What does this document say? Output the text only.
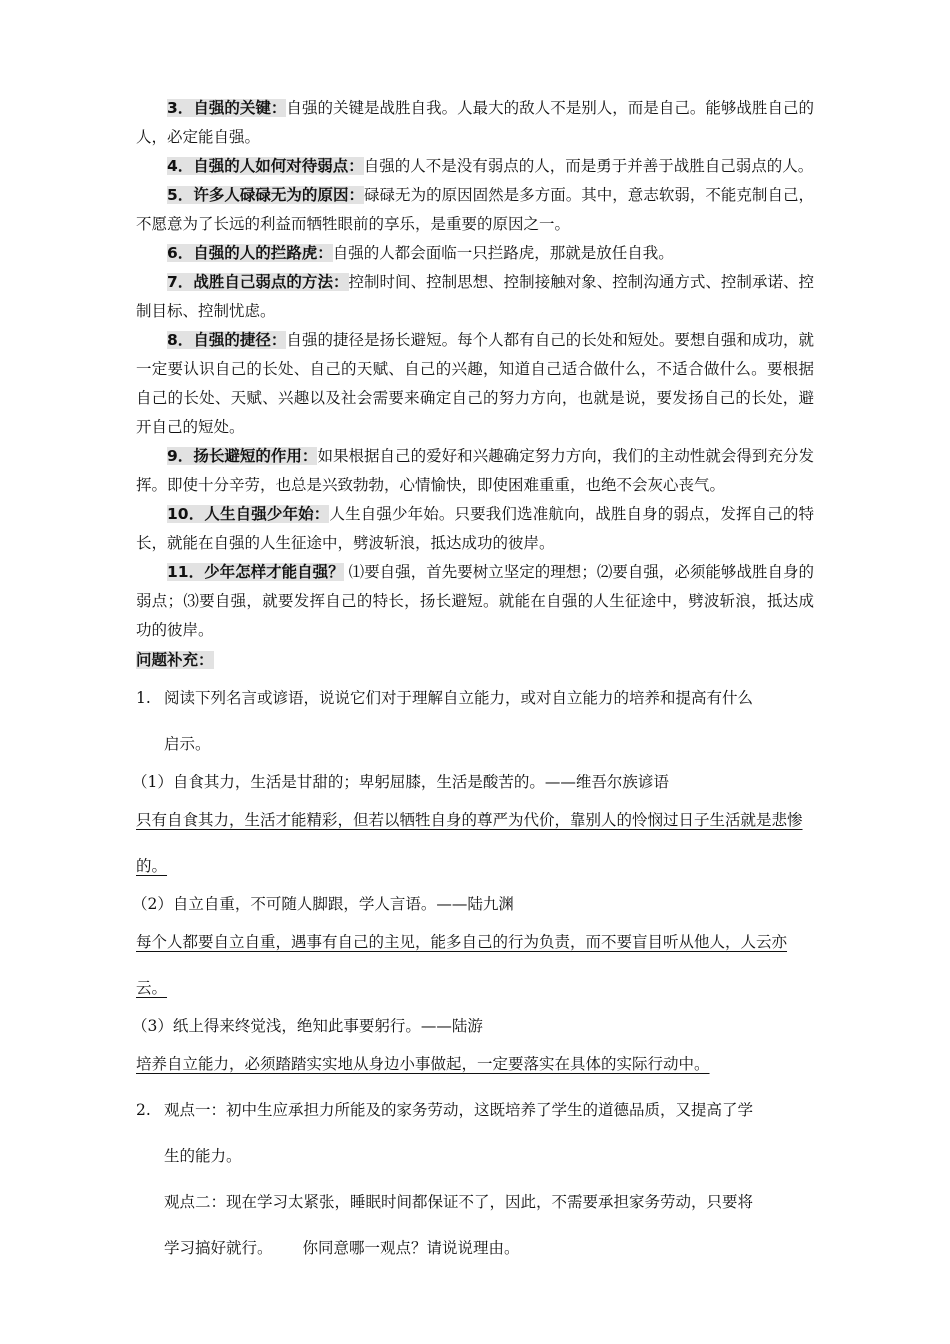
3．自强的关键：自强的关键是战胜自我。人最大的敌人不是别人，而是自己。能够战胜自己的人，必定能自强。

4．自强的人如何对待弱点：自强的人不是没有弱点的人，而是勇于并善于战胜自己弱点的人。

5．许多人碌碌无为的原因：碌碌无为的原因固然是多方面。其中，意志软弱，不能克制自己，不愿意为了长远的利益而牺牲眼前的享乐，是重要的原因之一。

6．自强的人的拦路虎：自强的人都会面临一只拦路虎，那就是放任自我。

7．战胜自己弱点的方法：控制时间、控制思想、控制接触对象、控制沟通方式、控制承诺、控制目标、控制忧虑。

8．自强的捷径：自强的捷径是扬长避短。每个人都有自己的长处和短处。要想自强和成功，就一定要认识自己的长处、自己的天赋、自己的兴趣，知道自己适合做什么，不适合做什么。要根据自己的长处、天赋、兴趣以及社会需要来确定自己的努力方向，也就是说，要发扬自己的长处，避开自己的短处。

9．扬长避短的作用：如果根据自己的爱好和兴趣确定努力方向，我们的主动性就会得到充分发挥。即使十分辛劳，也总是兴致勃勃，心情愉快，即使困难重重，也绝不会灰心丧气。

10．人生自强少年始：人生自强少年始。只要我们选准航向，战胜自身的弱点，发挥自己的特长，就能在自强的人生征途中，劈波斩浪，抵达成功的彼岸。

11．少年怎样才能自强？ ⑴要自强，首先要树立坚定的理想；⑵要自强，必须能够战胜自身的弱点；⑶要自强，就要发挥自己的特长，扬长避短。就能在自强的人生征途中，劈波斩浪，抵达成功的彼岸。

问题补充：
1. 阅读下列名言或谚语，说说它们对于理解自立能力，或对自立能力的培养和提高有什么
启示。

（1）自食其力，生活是甘甜的；卑躬屈膝，生活是酸苦的。——维吾尔族谚语

只有自食其力，生活才能精彩，但若以牺牲自身的尊严为代价，靠别人的怜悯过日子生活就是悲惨的。

（2）自立自重，不可随人脚跟，学人言语。——陆九渊

每个人都要自立自重，遇事有自己的主见，能多自己的行为负责，而不要盲目听从他人，人云亦云。

（3）纸上得来终觉浅，绝知此事要躬行。——陆游

培养自立能力，必须踏踏实实地从身边小事做起，一定要落实在具体的实际行动中。

2. 观点一：初中生应承担力所能及的家务劳动，这既培养了学生的道德品质，又提高了学
生的能力。
观点二：现在学习太紧张，睡眠时间都保证不了，因此，不需要承担家务劳动，只要将
学习搞好就行。 你同意哪一观点？请说说理由。
